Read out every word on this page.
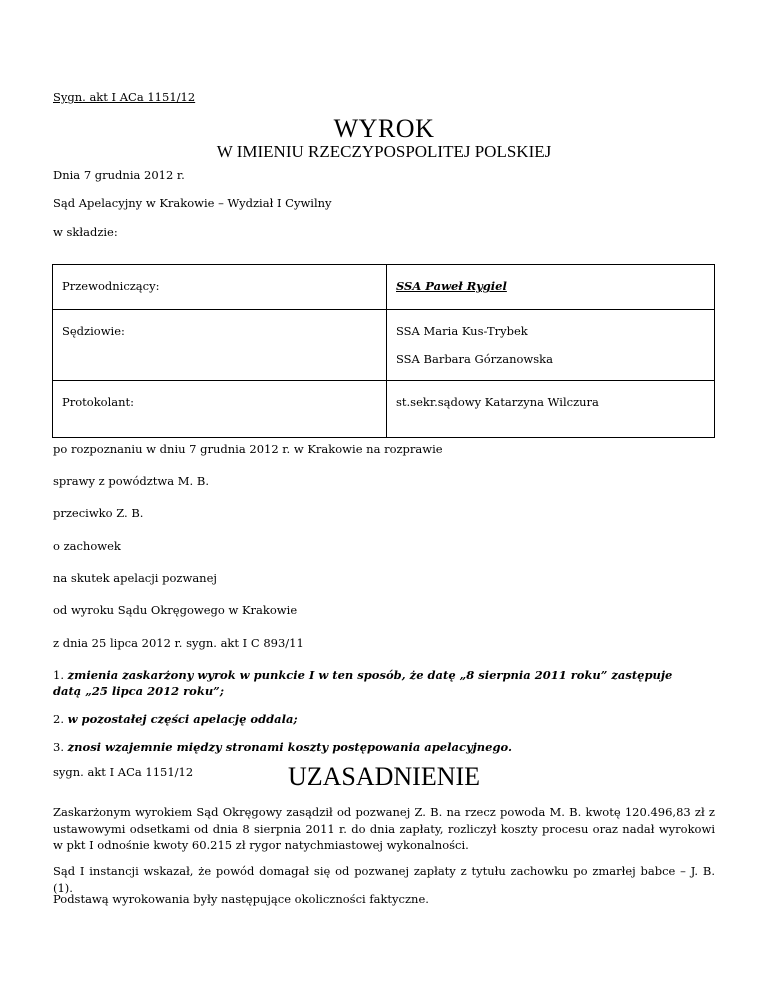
Sygn. akt I ACa 1151/12
WYROK
W IMIENIU RZECZYPOSPOLITEJ POLSKIEJ
Dnia 7 grudnia 2012 r.
Sąd Apelacyjny w Krakowie – Wydział I Cywilny
w składzie:
Przewodniczący:	SSA Paweł Rygiel

Sędziowie:	SSA Maria Kus-Trybek
SSA Barbara Górzanowska

Protokolant:	st.sekr.sądowy Katarzyna Wilczura
po rozpoznaniu w dniu 7 grudnia 2012 r. w Krakowie na rozprawie
sprawy z powództwa M. B.
przeciwko Z. B.
o zachowek
na skutek apelacji pozwanej
od wyroku Sądu Okręgowego w Krakowie
z dnia 25 lipca 2012 r. sygn. akt I C 893/11
1. zmienia zaskarżony wyrok w punkcie I w ten sposób, że datę „8 sierpnia 2011 roku” zastępuje
datą „25 lipca 2012 roku”;
2. w pozostałej części apelację oddala;
3. znosi wzajemnie między stronami koszty postępowania apelacyjnego.
sygn. akt I ACa 1151/12	UZASADNIENIE
Zaskarżonym wyrokiem Sąd Okręgowy zasądził od pozwanej Z. B. na rzecz powoda M. B. kwotę 120.496,83 zł z ustawowymi odsetkami od dnia 8 sierpnia 2011 r. do dnia zapłaty, rozliczył koszty procesu oraz nadał wyrokowi w pkt I odnośnie kwoty 60.215 zł rygor natychmiastowej wykonalności.
Sąd I instancji wskazał, że powód domagał się od pozwanej zapłaty z tytułu zachowku po zmarłej babce – J. B. (1).
Podstawą wyrokowania były następujące okoliczności faktyczne.
